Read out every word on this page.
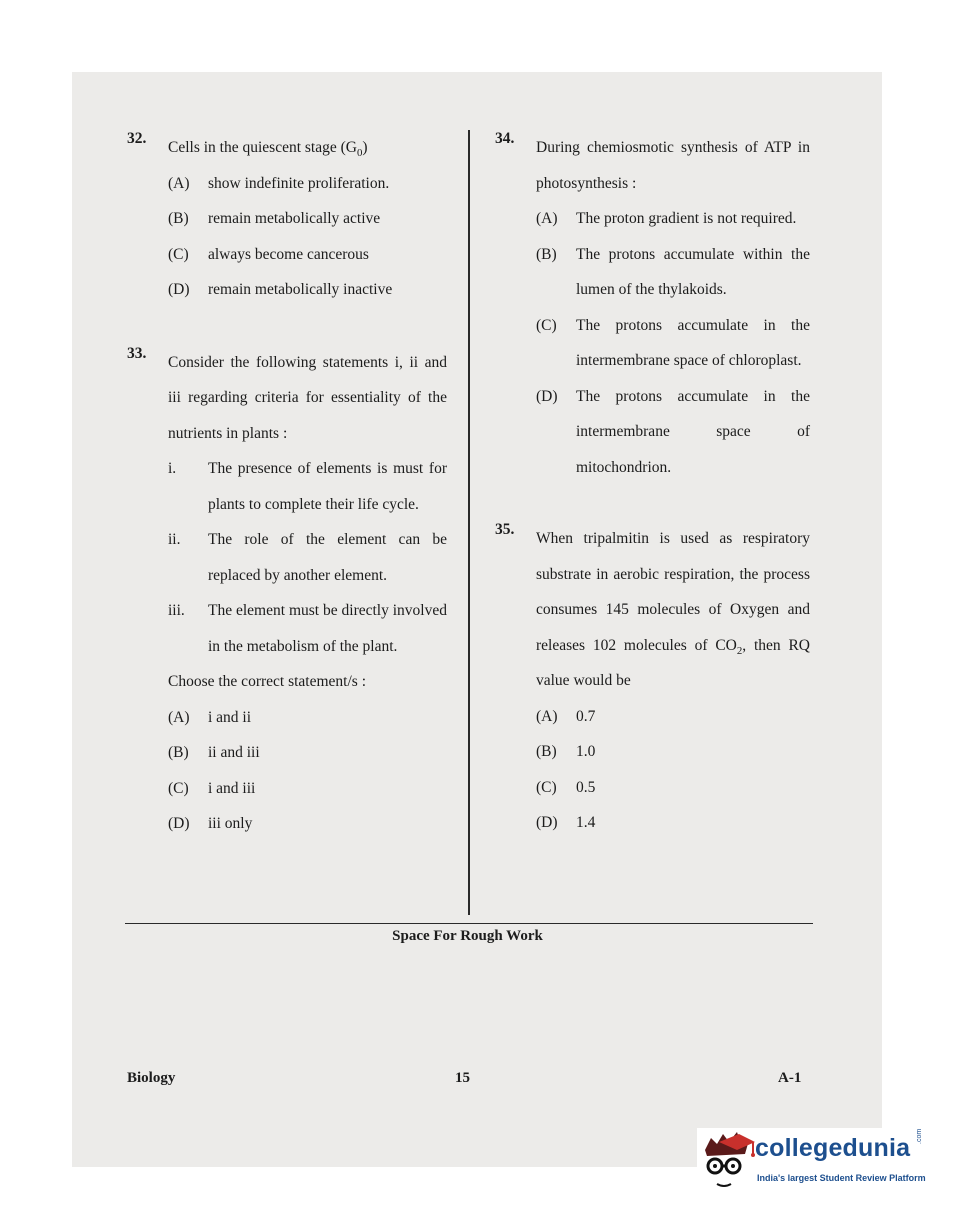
32.
Cells in the quiescent stage $(G_0)$
(A) show indefinite proliferation.
(B) remain metabolically active
(C) always become cancerous
(D) remain metabolically inactive
33.
Consider the following statements i, ii and iii regarding criteria for essentiality of the nutrients in plants :
i. The presence of elements is must for plants to complete their life cycle.
ii. The role of the element can be replaced by another element.
iii. The element must be directly involved in the metabolism of the plant.
Choose the correct statement/s :
(A) i and ii
(B) ii and iii
(C) i and iii
(D) iii only
34.
During chemiosmotic synthesis of ATP in photosynthesis :
(A) The proton gradient is not required.
(B) The protons accumulate within the lumen of the thylakoids.
(C) The protons accumulate in the intermembrane space of chloroplast.
(D) The protons accumulate in the intermembrane space of mitochondrion.
35.
When tripalmitin is used as respiratory substrate in aerobic respiration, the process consumes 145 molecules of Oxygen and releases 102 molecules of $CO_2$, then RQ value would be
(A) 0.7
(B) 1.0
(C) 0.5
(D) 1.4
Space For Rough Work
Biology	15	A-1
collegedunia .com
India's largest Student Review Platform
